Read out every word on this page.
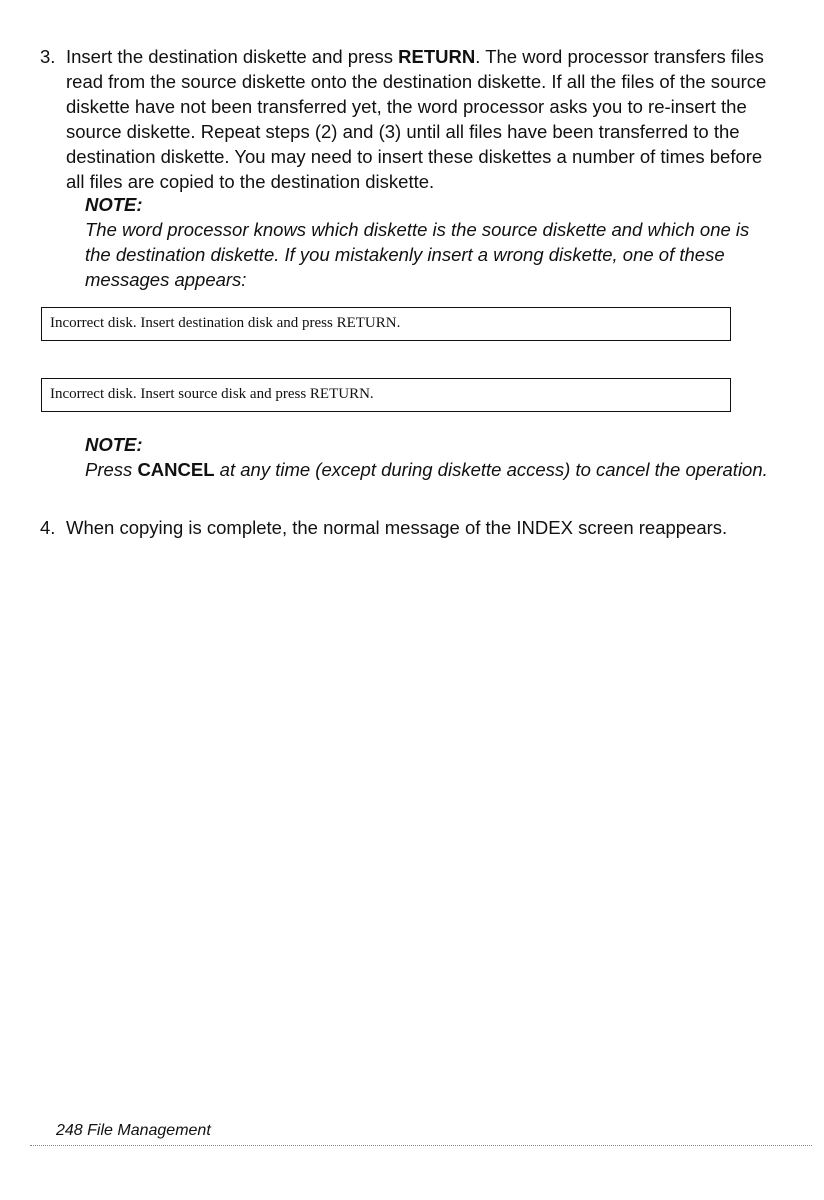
3. Insert the destination diskette and press RETURN. The word processor transfers files read from the source diskette onto the destination diskette. If all the files of the source diskette have not been transferred yet, the word processor asks you to re-insert the source diskette. Repeat steps (2) and (3) until all files have been transferred to the destination diskette. You may need to insert these diskettes a number of times before all files are copied to the destination diskette.
NOTE:
The word processor knows which diskette is the source diskette and which one is the destination diskette. If you mistakenly insert a wrong diskette, one of these messages appears:
Incorrect disk. Insert destination disk and press RETURN.
Incorrect disk. Insert source disk and press RETURN.
NOTE:
Press CANCEL at any time (except during diskette access) to cancel the operation.
4. When copying is complete, the normal message of the INDEX screen reappears.
248 File Management
